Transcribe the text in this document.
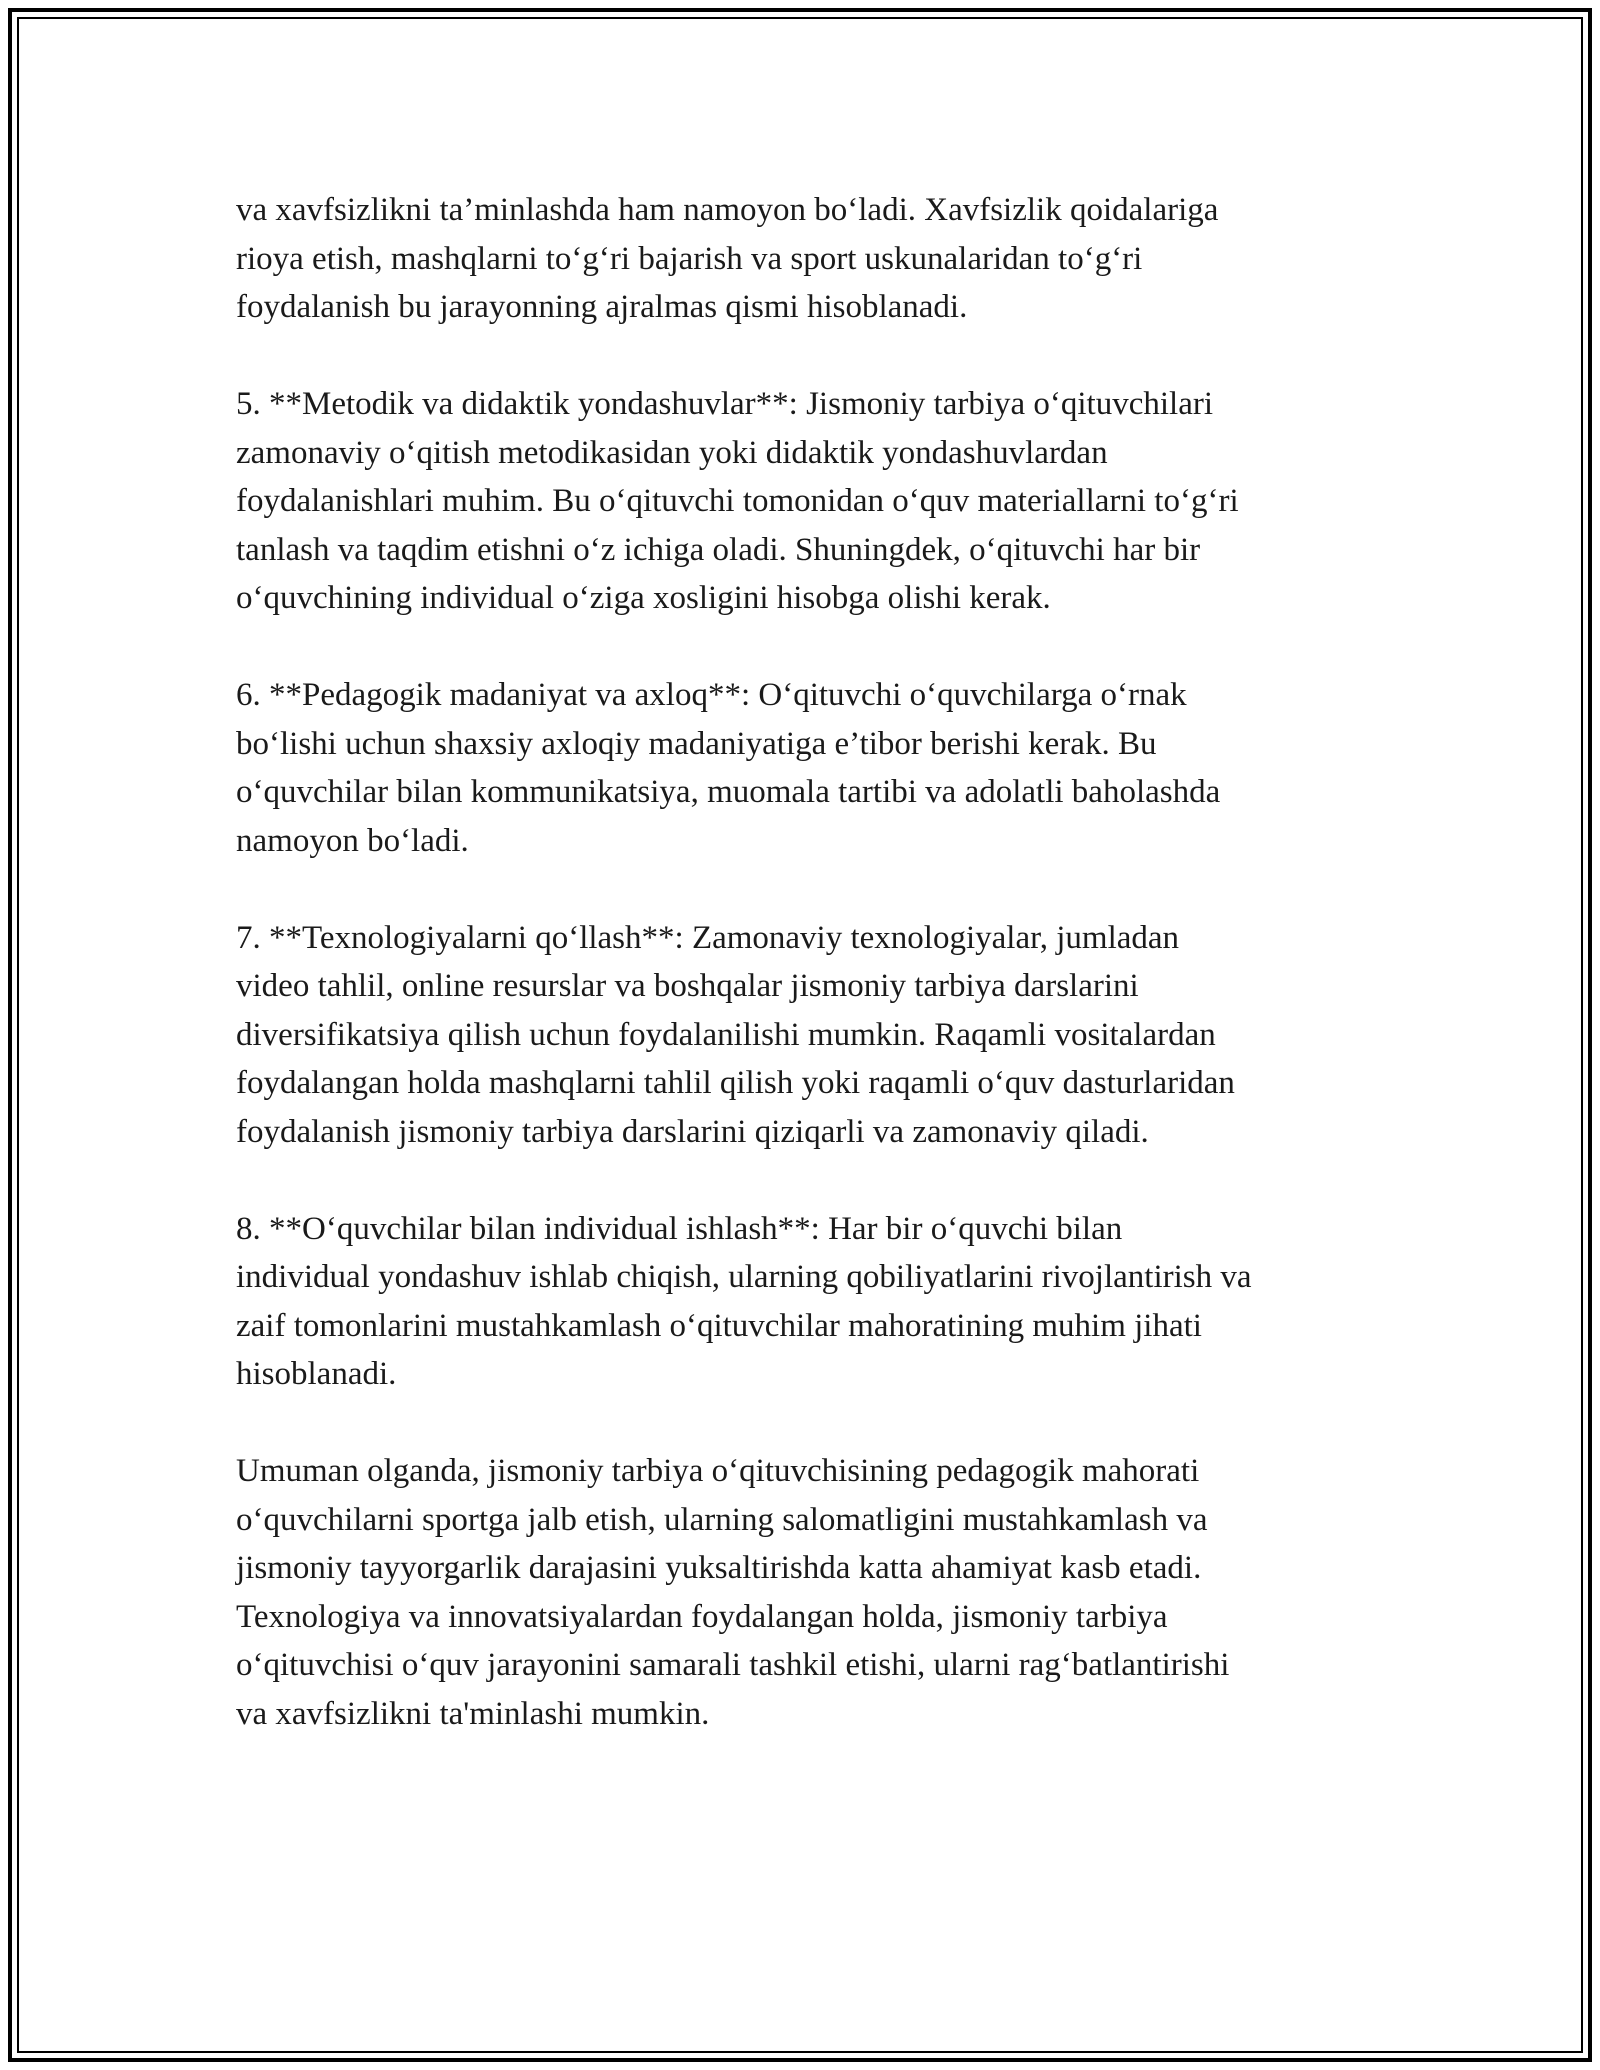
va xavfsizlikni ta’minlashda ham namoyon bo‘ladi. Xavfsizlik qoidalariga
rioya etish, mashqlarni to‘g‘ri bajarish va sport uskunalaridan to‘g‘ri
foydalanish bu jarayonning ajralmas qismi hisoblanadi.

5. **Metodik va didaktik yondashuvlar**: Jismoniy tarbiya o‘qituvchilari
zamonaviy o‘qitish metodikasidan yoki didaktik yondashuvlardan
foydalanishlari muhim. Bu o‘qituvchi tomonidan o‘quv materiallarni to‘g‘ri
tanlash va taqdim etishni o‘z ichiga oladi. Shuningdek, o‘qituvchi har bir
o‘quvchining individual o‘ziga xosligini hisobga olishi kerak.

6. **Pedagogik madaniyat va axloq**: O‘qituvchi o‘quvchilarga o‘rnak
bo‘lishi uchun shaxsiy axloqiy madaniyatiga e’tibor berishi kerak. Bu
o‘quvchilar bilan kommunikatsiya, muomala tartibi va adolatli baholashda
namoyon bo‘ladi.

7. **Texnologiyalarni qo‘llash**: Zamonaviy texnologiyalar, jumladan
video tahlil, online resurslar va boshqalar jismoniy tarbiya darslarini
diversifikatsiya qilish uchun foydalanilishi mumkin. Raqamli vositalardan
foydalangan holda mashqlarni tahlil qilish yoki raqamli o‘quv dasturlaridan
foydalanish jismoniy tarbiya darslarini qiziqarli va zamonaviy qiladi.

8. **O‘quvchilar bilan individual ishlash**: Har bir o‘quvchi bilan
individual yondashuv ishlab chiqish, ularning qobiliyatlarini rivojlantirish va
zaif tomonlarini mustahkamlash o‘qituvchilar mahoratining muhim jihati
hisoblanadi.

Umuman olganda, jismoniy tarbiya o‘qituvchisining pedagogik mahorati
o‘quvchilarni sportga jalb etish, ularning salomatligini mustahkamlash va
jismoniy tayyorgarlik darajasini yuksaltirishda katta ahamiyat kasb etadi.
Texnologiya va innovatsiyalardan foydalangan holda, jismoniy tarbiya
o‘qituvchisi o‘quv jarayonini samarali tashkil etishi, ularni rag‘batlantirishi
va xavfsizlikni ta'minlashi mumkin.
